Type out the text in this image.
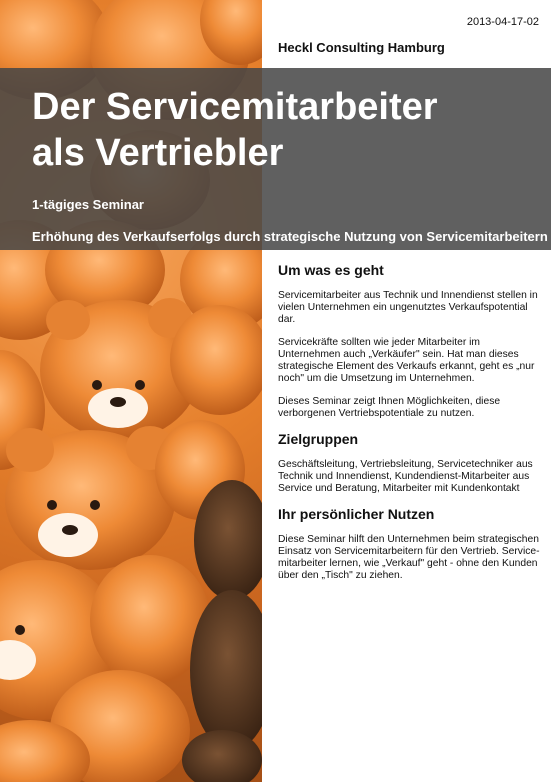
2013-04-17-02
Heckl Consulting Hamburg
Der Servicemitarbeiter
als Vertriebler
1-tägiges Seminar
Erhöhung des Verkaufserfolgs durch strategische Nutzung von Servicemitarbeitern
Um was es geht

Servicemitarbeiter aus Technik und Innendienst stellen in vielen Unternehmen ein ungenutztes Verkaufspotential dar.

Servicekräfte sollten wie jeder Mitarbeiter im Unternehmen auch „Verkäufer" sein. Hat man dieses strategische Element des Verkaufs erkannt, geht es „nur noch" um die Umsetzung im Unternehmen.

Dieses Seminar zeigt Ihnen Möglichkeiten, diese verborgenen Vertriebspotentiale zu nutzen.

Zielgruppen

Geschäftsleitung, Vertriebsleitung, Servicetechniker aus Technik und Innendienst, Kundendienst-Mitarbeiter aus Service und Beratung, Mitarbeiter mit Kundenkontakt

Ihr persönlicher Nutzen

Diese Seminar hilft den Unternehmen beim strategischen Einsatz von Servicemitarbeitern für den Vertrieb. Service-mitarbeiter lernen, wie „Verkauf" geht - ohne den Kunden über den „Tisch" zu ziehen.
